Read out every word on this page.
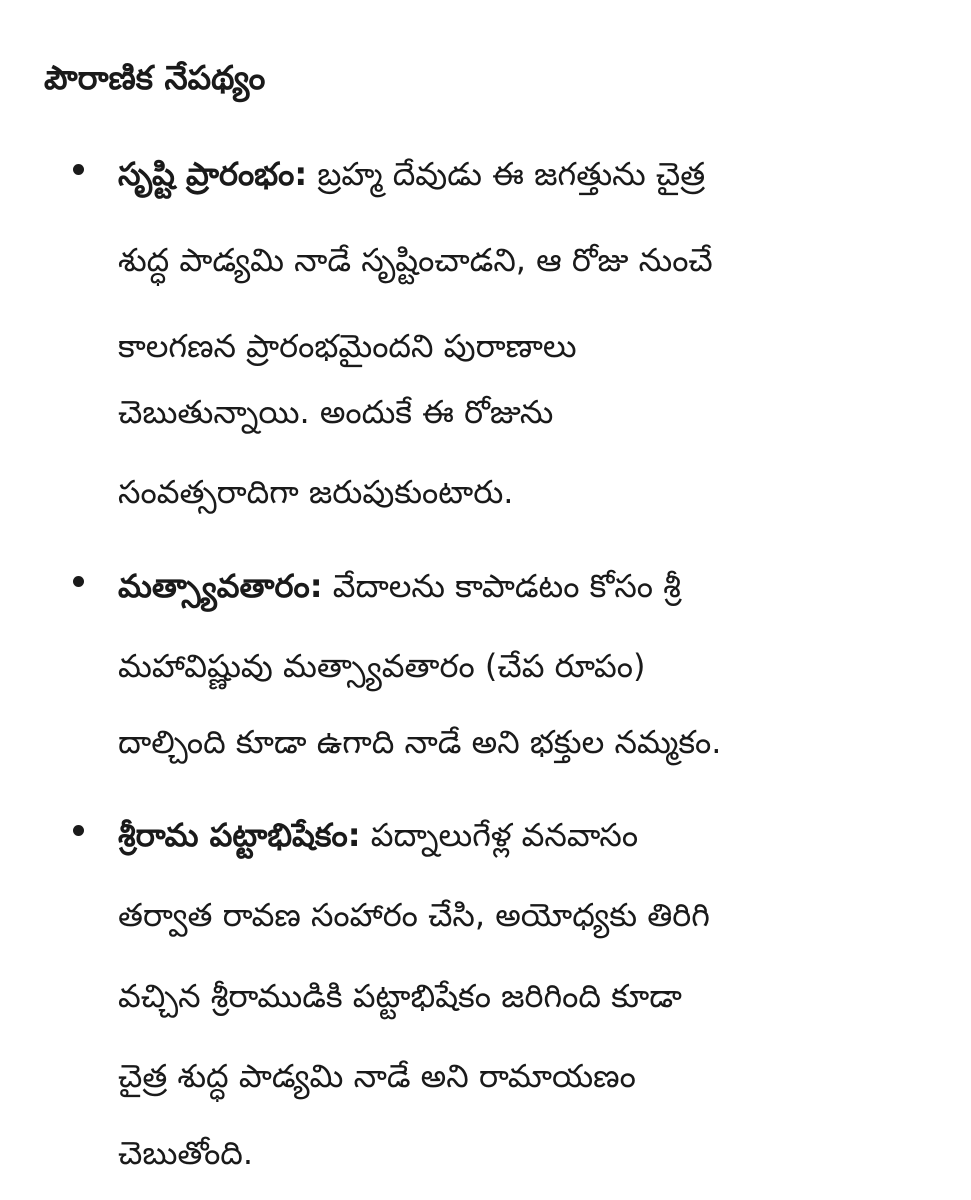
పౌరాణిక నేపథ్యం
సృష్టి ప్రారంభం: బ్రహ్మ దేవుడు ఈ జగత్తును చైత్ర
శుద్ధ పాడ్యమి నాడే సృష్టించాడని, ఆ రోజు నుంచే
కాలగణన ప్రారంభమైందని పురాణాలు
చెబుతున్నాయి. అందుకే ఈ రోజును
సంవత్సరాదిగా జరుపుకుంటారు.
మత్స్యావతారం: వేదాలను కాపాడటం కోసం శ్రీ
మహావిష్ణువు మత్స్యావతారం (చేప రూపం)
దాల్చింది కూడా ఉగాది నాడే అని భక్తుల నమ్మకం.
శ్రీరామ పట్టాభిషేకం: పద్నాలుగేళ్ల వనవాసం
తర్వాత రావణ సంహారం చేసి, అయోధ్యకు తిరిగి
వచ్చిన శ్రీరాముడికి పట్టాభిషేకం జరిగింది కూడా
చైత్ర శుద్ధ పాడ్యమి నాడే అని రామాయణం
చెబుతోంది.
